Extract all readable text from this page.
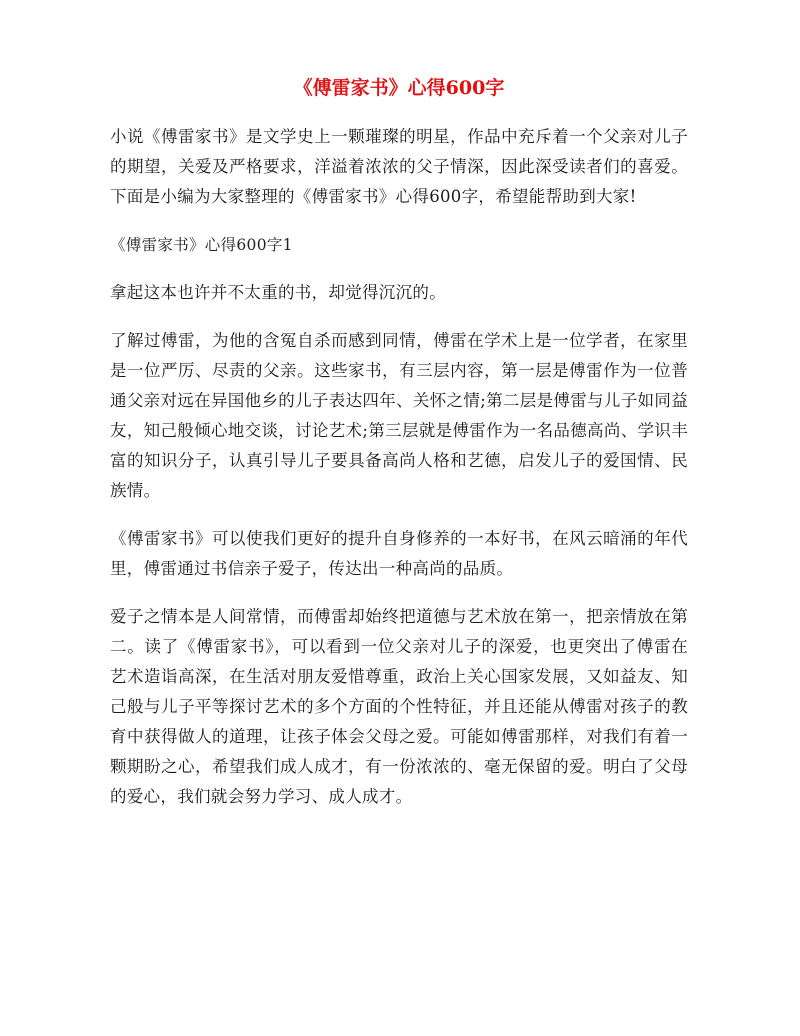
《傅雷家书》心得600字

小说《傅雷家书》是文学史上一颗璀璨的明星，作品中充斥着一个父亲对儿子的期望，关爱及严格要求，洋溢着浓浓的父子情深，因此深受读者们的喜爱。下面是小编为大家整理的《傅雷家书》心得600字，希望能帮助到大家!

《傅雷家书》心得600字1

拿起这本也许并不太重的书，却觉得沉沉的。

了解过傅雷，为他的含冤自杀而感到同情，傅雷在学术上是一位学者，在家里是一位严厉、尽责的父亲。这些家书，有三层内容，第一层是傅雷作为一位普通父亲对远在异国他乡的儿子表达四年、关怀之情;第二层是傅雷与儿子如同益友，知己般倾心地交谈，讨论艺术;第三层就是傅雷作为一名品德高尚、学识丰富的知识分子，认真引导儿子要具备高尚人格和艺德，启发儿子的爱国情、民族情。

《傅雷家书》可以使我们更好的提升自身修养的一本好书，在风云暗涌的年代里，傅雷通过书信亲子爱子，传达出一种高尚的品质。

爱子之情本是人间常情，而傅雷却始终把道德与艺术放在第一，把亲情放在第二。读了《傅雷家书》，可以看到一位父亲对儿子的深爱，也更突出了傅雷在艺术造诣高深，在生活对朋友爱惜尊重，政治上关心国家发展，又如益友、知己般与儿子平等探讨艺术的多个方面的个性特征，并且还能从傅雷对孩子的教育中获得做人的道理，让孩子体会父母之爱。可能如傅雷那样，对我们有着一颗期盼之心，希望我们成人成才，有一份浓浓的、毫无保留的爱。明白了父母的爱心，我们就会努力学习、成人成才。
